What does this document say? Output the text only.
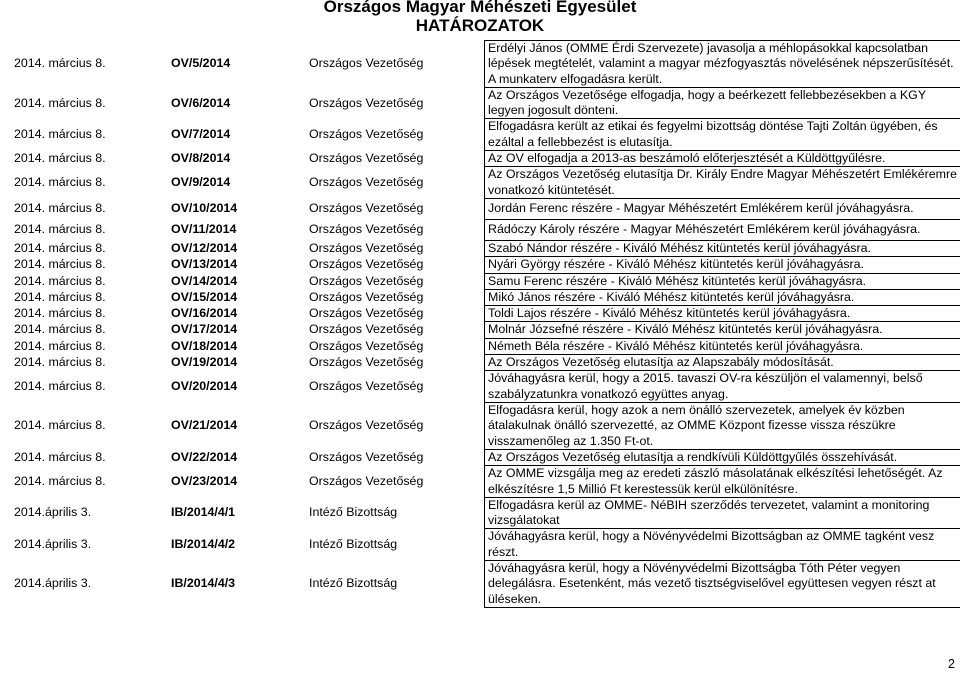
Országos Magyar Méhészeti Egyesület
HATÁROZATOK
2014. március 8.	OV/5/2014	Országos Vezetőség	Erdélyi János (OMME Érdi Szervezete) javasolja a méhlopásokkal kapcsolatban lépések megtételét, valamint a magyar mézfogyasztás növelésének népszerűsítését. A munkaterv elfogadásra került.
2014. március 8.	OV/6/2014	Országos Vezetőség	Az Országos Vezetősége elfogadja, hogy a beérkezett fellebbezésekben a KGY legyen jogosult dönteni.
2014. március 8.	OV/7/2014	Országos Vezetőség	Elfogadásra került az etikai és fegyelmi bizottság döntése Tajti Zoltán ügyében, és ezáltal a fellebbezést is elutasítja.
2014. március 8.	OV/8/2014	Országos Vezetőség	Az OV elfogadja a 2013-as beszámoló előterjesztését a Küldöttgyűlésre.
2014. március 8.	OV/9/2014	Országos Vezetőség	Az Országos Vezetőség elutasítja Dr. Király Endre Magyar Méhészetért Emlékéremre vonatkozó kitüntetését.
2014. március 8.	OV/10/2014	Országos Vezetőség	Jordán Ferenc részére - Magyar Méhészetért Emlékérem kerül jóváhagyásra.
2014. március 8.	OV/11/2014	Országos Vezetőség	Rádóczy Károly részére - Magyar Méhészetért Emlékérem kerül jóváhagyásra.
2014. március 8.	OV/12/2014	Országos Vezetőség	Szabó Nándor részére - Kiváló Méhész kitüntetés kerül jóváhagyásra.
2014. március 8.	OV/13/2014	Országos Vezetőség	Nyári György részére - Kiváló Méhész kitüntetés kerül jóváhagyásra.
2014. március 8.	OV/14/2014	Országos Vezetőség	Samu Ferenc részére - Kiváló Méhész kitüntetés kerül jóváhagyásra.
2014. március 8.	OV/15/2014	Országos Vezetőség	Mikó János részére - Kiváló Méhész kitüntetés kerül jóváhagyásra.
2014. március 8.	OV/16/2014	Országos Vezetőség	Toldi Lajos részére - Kiváló Méhész kitüntetés kerül jóváhagyásra.
2014. március 8.	OV/17/2014	Országos Vezetőség	Molnár Józsefné részére - Kiváló Méhész kitüntetés kerül jóváhagyásra.
2014. március 8.	OV/18/2014	Országos Vezetőség	Németh Béla részére - Kiváló Méhész kitüntetés kerül jóváhagyásra.
2014. március 8.	OV/19/2014	Országos Vezetőség	Az Országos Vezetőség elutasítja az Alapszabály módosítását.
2014. március 8.	OV/20/2014	Országos Vezetőség	Jóváhagyásra kerül, hogy a 2015. tavaszi OV-ra készüljön el valamennyi, belső szabályzatunkra vonatkozó együttes anyag.
2014. március 8.	OV/21/2014	Országos Vezetőség	Elfogadásra kerül, hogy azok a nem önálló szervezetek, amelyek év közben átalakulnak önálló szervezetté, az OMME Központ fizesse vissza részükre visszamenőleg az 1.350 Ft-ot.
2014. március 8.	OV/22/2014	Országos Vezetőség	Az Országos Vezetőség elutasítja a rendkívüli Küldöttgyűlés összehívását.
2014. március 8.	OV/23/2014	Országos Vezetőség	Az OMME vizsgálja meg az eredeti zászló másolatának elkészítési lehetőségét. Az elkészítésre 1,5 Millió Ft kerestessük kerül elkülönítésre.
2014.április 3.	IB/2014/4/1	Intéző Bizottság	Elfogadásra kerül az OMME- NéBIH szerződés tervezetet, valamint a monitoring vizsgálatokat
2014.április 3.	IB/2014/4/2	Intéző Bizottság	Jóváhagyásra kerül, hogy a Növényvédelmi Bizottságban az OMME tagként vesz részt.
2014.április 3.	IB/2014/4/3	Intéző Bizottság	Jóváhagyásra kerül, hogy a Növényvédelmi Bizottságba Tóth Péter vegyen delegálásra. Esetenként, más vezető tisztségviselővel együttesen vegyen részt at üléseken.
2
